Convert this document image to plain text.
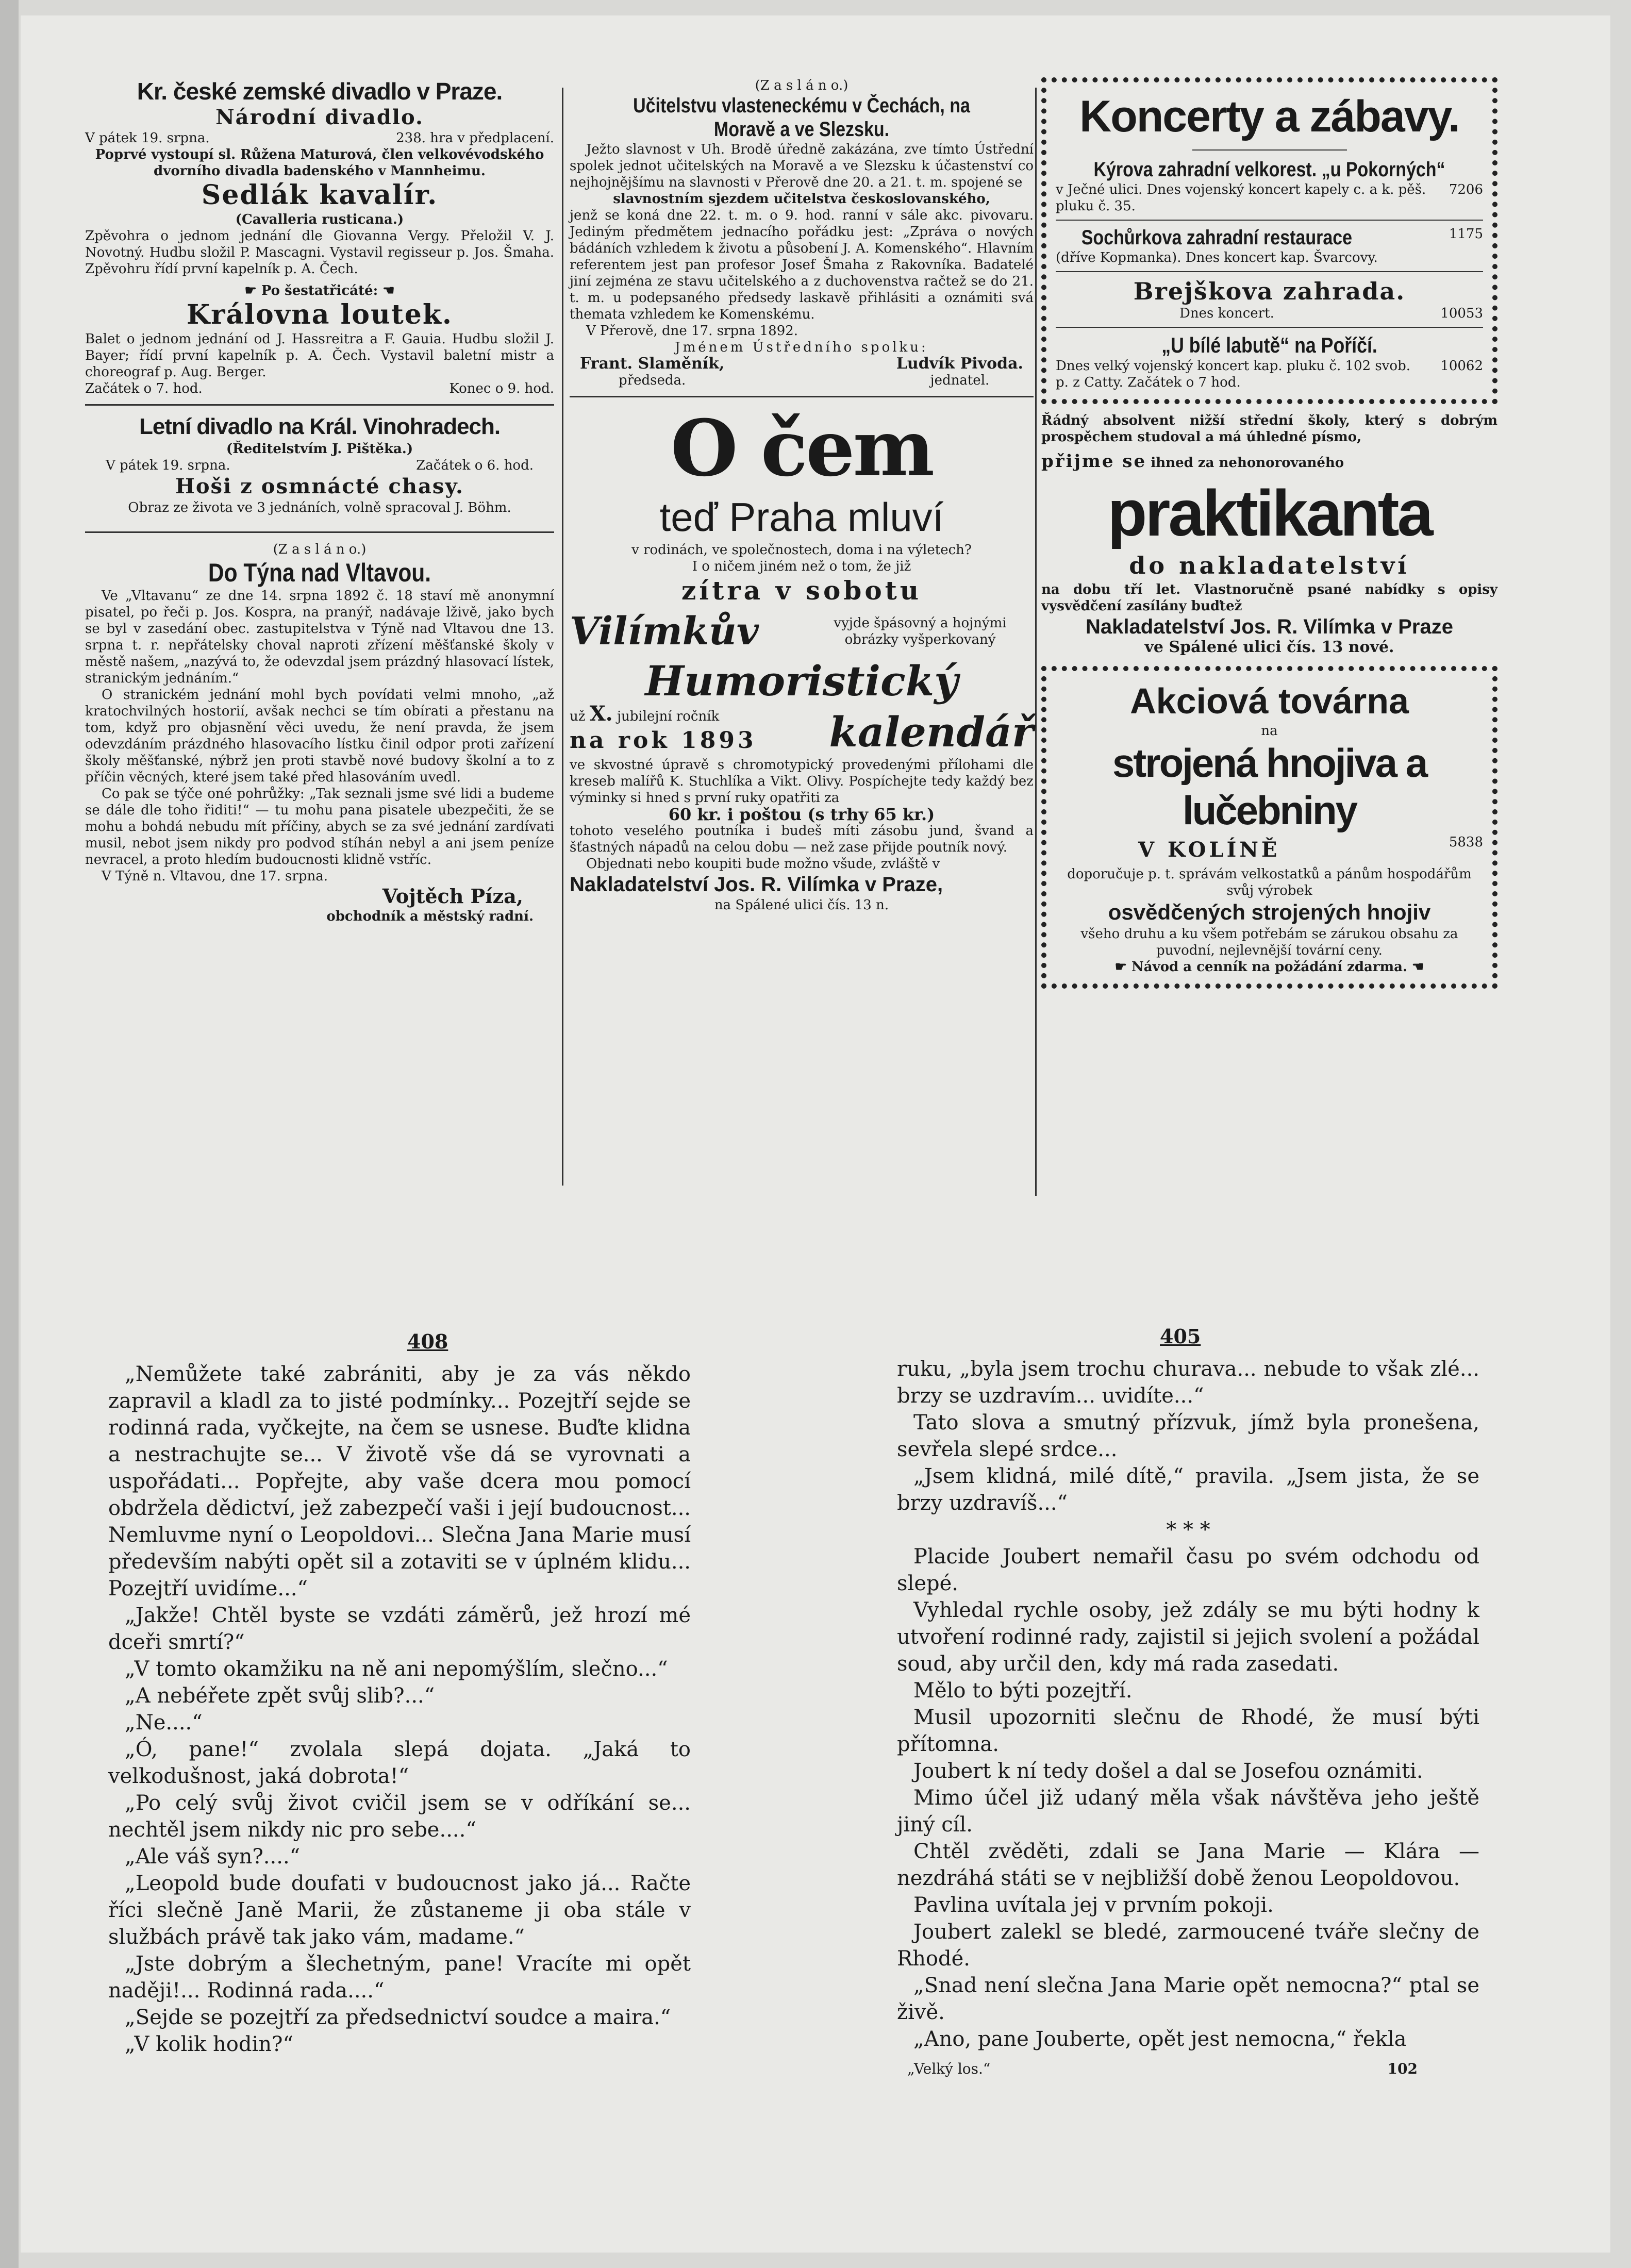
Kr. české zemské divadlo v Praze.
Národní divadlo.
V pátek 19. srpna.	238. hra v předplacení.
Poprvé vystoupí sl. Růžena Maturová, člen velkovévodského dvorního divadla badenského v Mannheimu.
Sedlák kavalír.
(Cavalleria rusticana.)
Zpěvohra o jednom jednání dle Giovanna Vergy. Přeložil V. J. Novotný. Hudbu složil P. Mascagni. Vystavil regisseur p. Jos. Šmaha. Zpěvohru řídí první kapelník p. A. Čech.
☛ Po šestatřicáté: ☚
Královna loutek.
Balet o jednom jednání od J. Hassreitra a F. Gauia. Hudbu složil J. Bayer; řídí první kapelník p. A. Čech. Vystavil baletní mistr a choreograf p. Aug. Berger.
Začátek o 7. hod.	Konec o 9. hod.
Letní divadlo na Král. Vinohradech.
(Ředitelstvím J. Pištěka.)
V pátek 19. srpna.	Začátek o 6. hod.
Hoši z osmnácté chasy.
Obraz ze života ve 3 jednáních, volně spracoval J. Böhm.
(Z a s l á n o.)
Do Týna nad Vltavou.
Ve „Vltavanu“ ze dne 14. srpna 1892 č. 18 staví mě anonymní pisatel, po řeči p. Jos. Kospra, na pranýř, nadávaje lživě, jako bych se byl v zasedání obec. zastupitelstva v Týně nad Vltavou dne 13. srpna t. r. nepřátelsky choval naproti zřízení měšťanské školy v městě našem, „nazývá to, že odevzdal jsem prázdný hlasovací lístek, stranickým jednáním.“
O stranickém jednání mohl bych povídati velmi mnoho, „až kratochvilných hostorií, avšak nechci se tím obírati a přestanu na tom, když pro objasnění věci uvedu, že není pravda, že jsem odevzdáním prázdného hlasovacího lístku činil odpor proti zařízení školy měšťanské, nýbrž jen proti stavbě nové budovy školní a to z příčin věcných, které jsem také před hlasováním uvedl.
Co pak se týče oné pohrůžky: „Tak seznali jsme své lidi a budeme se dále dle toho řiditi!“ — tu mohu pana pisatele ubezpečiti, že se mohu a bohdá nebudu mít příčiny, abych se za své jednání zardívati musil, nebot jsem nikdy pro podvod stíhán nebyl a ani jsem peníze nevracel, a proto hledím budoucnosti klidně vstříc.
V Týně n. Vltavou, dne 17. srpna.
Vojtěch Píza,
obchodník a městský radní.
(Z a s l á n o.)
Učitelstvu vlasteneckému v Čechách, na Moravě a ve Slezsku.
Ježto slavnost v Uh. Brodě úředně zakázána, zve tímto Ústřední spolek jednot učitelských na Moravě a ve Slezsku k účastenství co nejhojnějšímu na slavnosti v Přerově dne 20. a 21. t. m. spojené se
slavnostním sjezdem učitelstva českoslovanského,
jenž se koná dne 22. t. m. o 9. hod. ranní v sále akc. pivovaru. Jediným předmětem jednacího pořádku jest: „Zpráva o nových bádáních vzhledem k životu a působení J. A. Komenského“. Hlavním referentem jest pan profesor Josef Šmaha z Rakovníka. Badatelé jiní zejména ze stavu učitelského a z duchovenstva račtež se do 21. t. m. u podepsaného předsedy laskavě přihlásiti a oznámiti svá themata vzhledem ke Komenskému.
V Přerově, dne 17. srpna 1892.
Jménem Ústředního spolku:
Frant. Slaměník,
předseda.
Ludvík Pivoda.
jednatel.
O čem
teď Praha mluví
v rodinách, ve společnostech, doma i na výletech?
I o ničem jiném než o tom, že již
zítra v sobotu
Vilímkův	vyjde špásovný a hojnými obrázky vyšperkovaný
Humoristický
už X. jubilejní ročník
na rok 1893 kalendář
ve skvostné úpravě s chromotypický provedenými přílohami dle kreseb malířů K. Stuchlíka a Vikt. Olivy. Pospíchejte tedy každý bez výminky si hned s první ruky opatřiti za
60 kr. i poštou (s trhy 65 kr.)
tohoto veselého poutníka i budeš míti zásobu jund, švand a šťastných nápadů na celou dobu — než zase přijde poutník nový.
Objednati nebo koupiti bude možno všude, zvláště v
Nakladatelství Jos. R. Vilímka v Praze,
na Spálené ulici čís. 13 n.
Koncerty a zábavy.
Kýrova zahradní velkorest. „u Pokorných“
v Ječné ulici. Dnes vojenský koncert kapely c. a k. pěš. pluku č. 35.
7206
Sochůrkova zahradní restaurace
(dříve Kopmanka). Dnes koncert kap. Švarcovy.
1175
Brejškova zahrada.
Dnes koncert.	10053
„U bílé labutě“ na Poříčí.
Dnes velký vojenský koncert kap. pluku č. 102 svob. p. z Catty. Začátek o 7 hod.
10062
Řádný absolvent nižší střední školy, který s dobrým prospěchem studoval a má úhledné písmo,
přijme se ihned za nehonorovaného
praktikanta
do nakladatelství
na dobu tří let. Vlastnoručně psané nabídky s opisy vysvědčení zasílány buďtež
Nakladatelství Jos. R. Vilímka v Praze
ve Spálené ulici čís. 13 nové.
Akciová továrna
na
strojená hnojiva a lučebniny
V KOLÍNĚ	5838
doporučuje p. t. správám velkostatků a pánům hospodářům svůj výrobek
osvědčených strojených hnojiv
všeho druhu a ku všem potřebám se zárukou obsahu za puvodní, nejlevnější tovární ceny.
☛ Návod a cenník na požádání zdarma. ☚
408	405
„Nemůžete také zabrániti, aby je za vás někdo zapravil a kladl za to jisté podmínky... Pozejtří sejde se rodinná rada, vyčkejte, na čem se usnese. Buďte klidna a nestrachujte se... V životě vše dá se vyrovnati a uspořádati... Popřejte, aby vaše dcera mou pomocí obdržela dědictví, jež zabezpečí vaši i její budoucnost... Nemluvme nyní o Leopoldovi... Slečna Jana Marie musí především nabýti opět sil a zotaviti se v úplném klidu... Pozejtří uvidíme...“
„Jakže! Chtěl byste se vzdáti záměrů, jež hrozí mé dceři smrtí?“
„V tomto okamžiku na ně ani nepomýšlím, slečno...“
„A nebéřete zpět svůj slib?...“
„Ne....“
„Ó, pane!“ zvolala slepá dojata. „Jaká to velkodušnost, jaká dobrota!“
„Po celý svůj život cvičil jsem se v odříkání se... nechtěl jsem nikdy nic pro sebe....“
„Ale váš syn?....“
„Leopold bude doufati v budoucnost jako já... Račte říci slečně Janě Marii, že zůstaneme ji oba stále v službách právě tak jako vám, madame.“
„Jste dobrým a šlechetným, pane! Vracíte mi opět naději!... Rodinná rada....“
„Sejde se pozejtří za předsednictví soudce a maira.“
„V kolik hodin?“
ruku, „byla jsem trochu churava... nebude to však zlé... brzy se uzdravím... uvidíte...“
Tato slova a smutný přízvuk, jímž byla pronešena, sevřela slepé srdce...
„Jsem klidná, milé dítě,“ pravila. „Jsem jista, že se brzy uzdravíš...“
* * *
Placide Joubert nemařil času po svém odchodu od slepé.
Vyhledal rychle osoby, jež zdály se mu býti hodny k utvoření rodinné rady, zajistil si jejich svolení a požádal soud, aby určil den, kdy má rada zasedati.
Mělo to býti pozejtří.
Musil upozorniti slečnu de Rhodé, že musí býti přítomna.
Joubert k ní tedy došel a dal se Josefou oznámiti.
Mimo účel již udaný měla však návštěva jeho ještě jiný cíl.
Chtěl zvěděti, zdali se Jana Marie — Klára — nezdráhá státi se v nejbližší době ženou Leopoldovou.
Pavlina uvítala jej v prvním pokoji.
Joubert zalekl se bledé, zarmoucené tváře slečny de Rhodé.
„Snad není slečna Jana Marie opět nemocna?“ ptal se živě.
„Ano, pane Jouberte, opět jest nemocna,“ řekla
„Velký los.“	102
